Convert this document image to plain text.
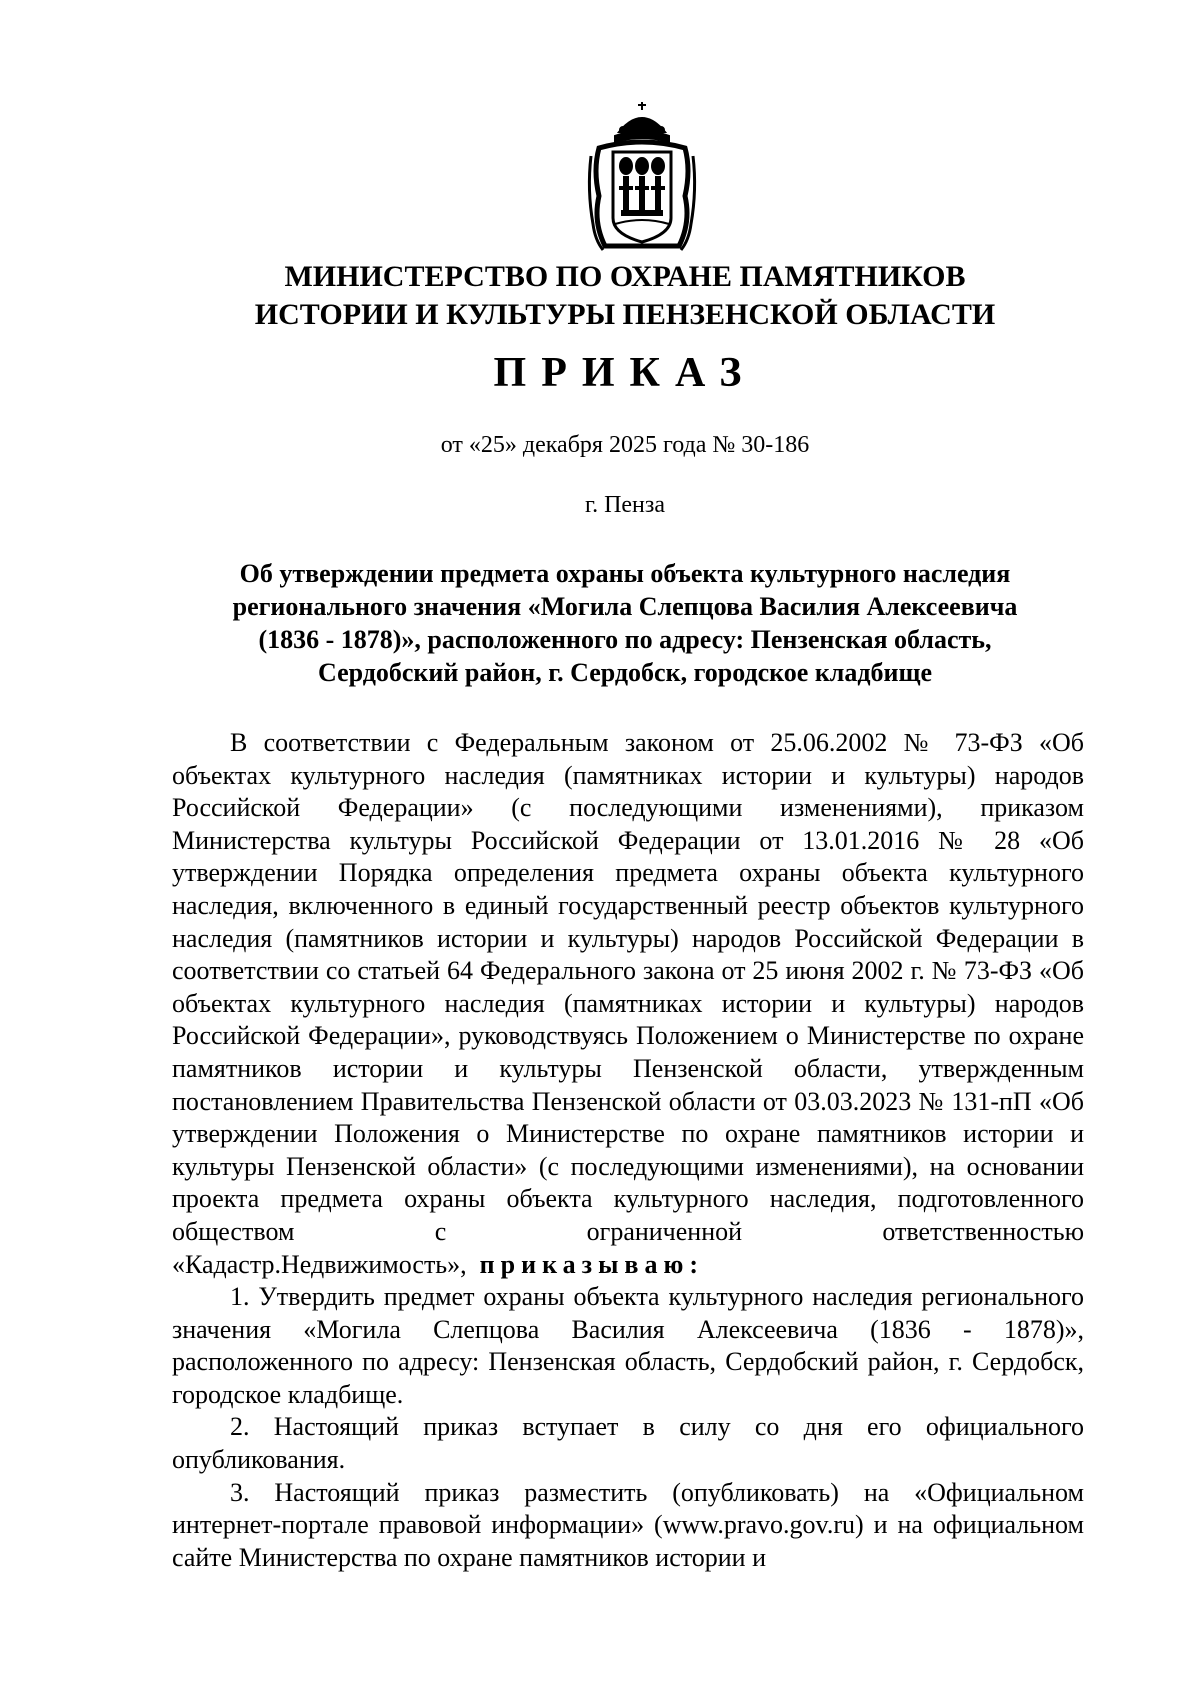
МИНИСТЕРСТВО ПО ОХРАНЕ ПАМЯТНИКОВ
ИСТОРИИ И КУЛЬТУРЫ ПЕНЗЕНСКОЙ ОБЛАСТИ
ПРИКАЗ
от «25» декабря 2025 года № 30-186
г. Пенза
Об утверждении предмета охраны объекта культурного наследия
регионального значения «Могила Слепцова Василия Алексеевича
(1836 - 1878)», расположенного по адресу: Пензенская область,
Сердобский район, г. Сердобск, городское кладбище

В соответствии с Федеральным законом от 25.06.2002 № 73-ФЗ «Об объектах культурного наследия (памятниках истории и культуры) народов Российской Федерации» (с последующими изменениями), приказом Министерства культуры Российской Федерации от 13.01.2016 № 28 «Об утверждении Порядка определения предмета охраны объекта культурного наследия, включенного в единый государственный реестр объектов культурного наследия (памятников истории и культуры) народов Российской Федерации в соответствии со статьей 64 Федерального закона от 25 июня 2002 г. № 73-ФЗ «Об объектах культурного наследия (памятниках истории и культуры) народов Российской Федерации», руководствуясь Положением о Министерстве по охране памятников истории и культуры Пензенской области, утвержденным постановлением Правительства Пензенской области от 03.03.2023 № 131-пП «Об утверждении Положения о Министерстве по охране памятников истории и культуры Пензенской области» (с последующими изменениями), на основании проекта предмета охраны объекта культурного наследия, подготовленного обществом с ограниченной ответственностью «Кадастр.Недвижимость», приказываю:

1. Утвердить предмет охраны объекта культурного наследия регионального значения «Могила Слепцова Василия Алексеевича (1836 - 1878)», расположенного по адресу: Пензенская область, Сердобский район, г. Сердобск, городское кладбище.

2. Настоящий приказ вступает в силу со дня его официального опубликования.

3. Настоящий приказ разместить (опубликовать) на «Официальном интернет-портале правовой информации» (www.pravo.gov.ru) и на официальном сайте Министерства по охране памятников истории и
